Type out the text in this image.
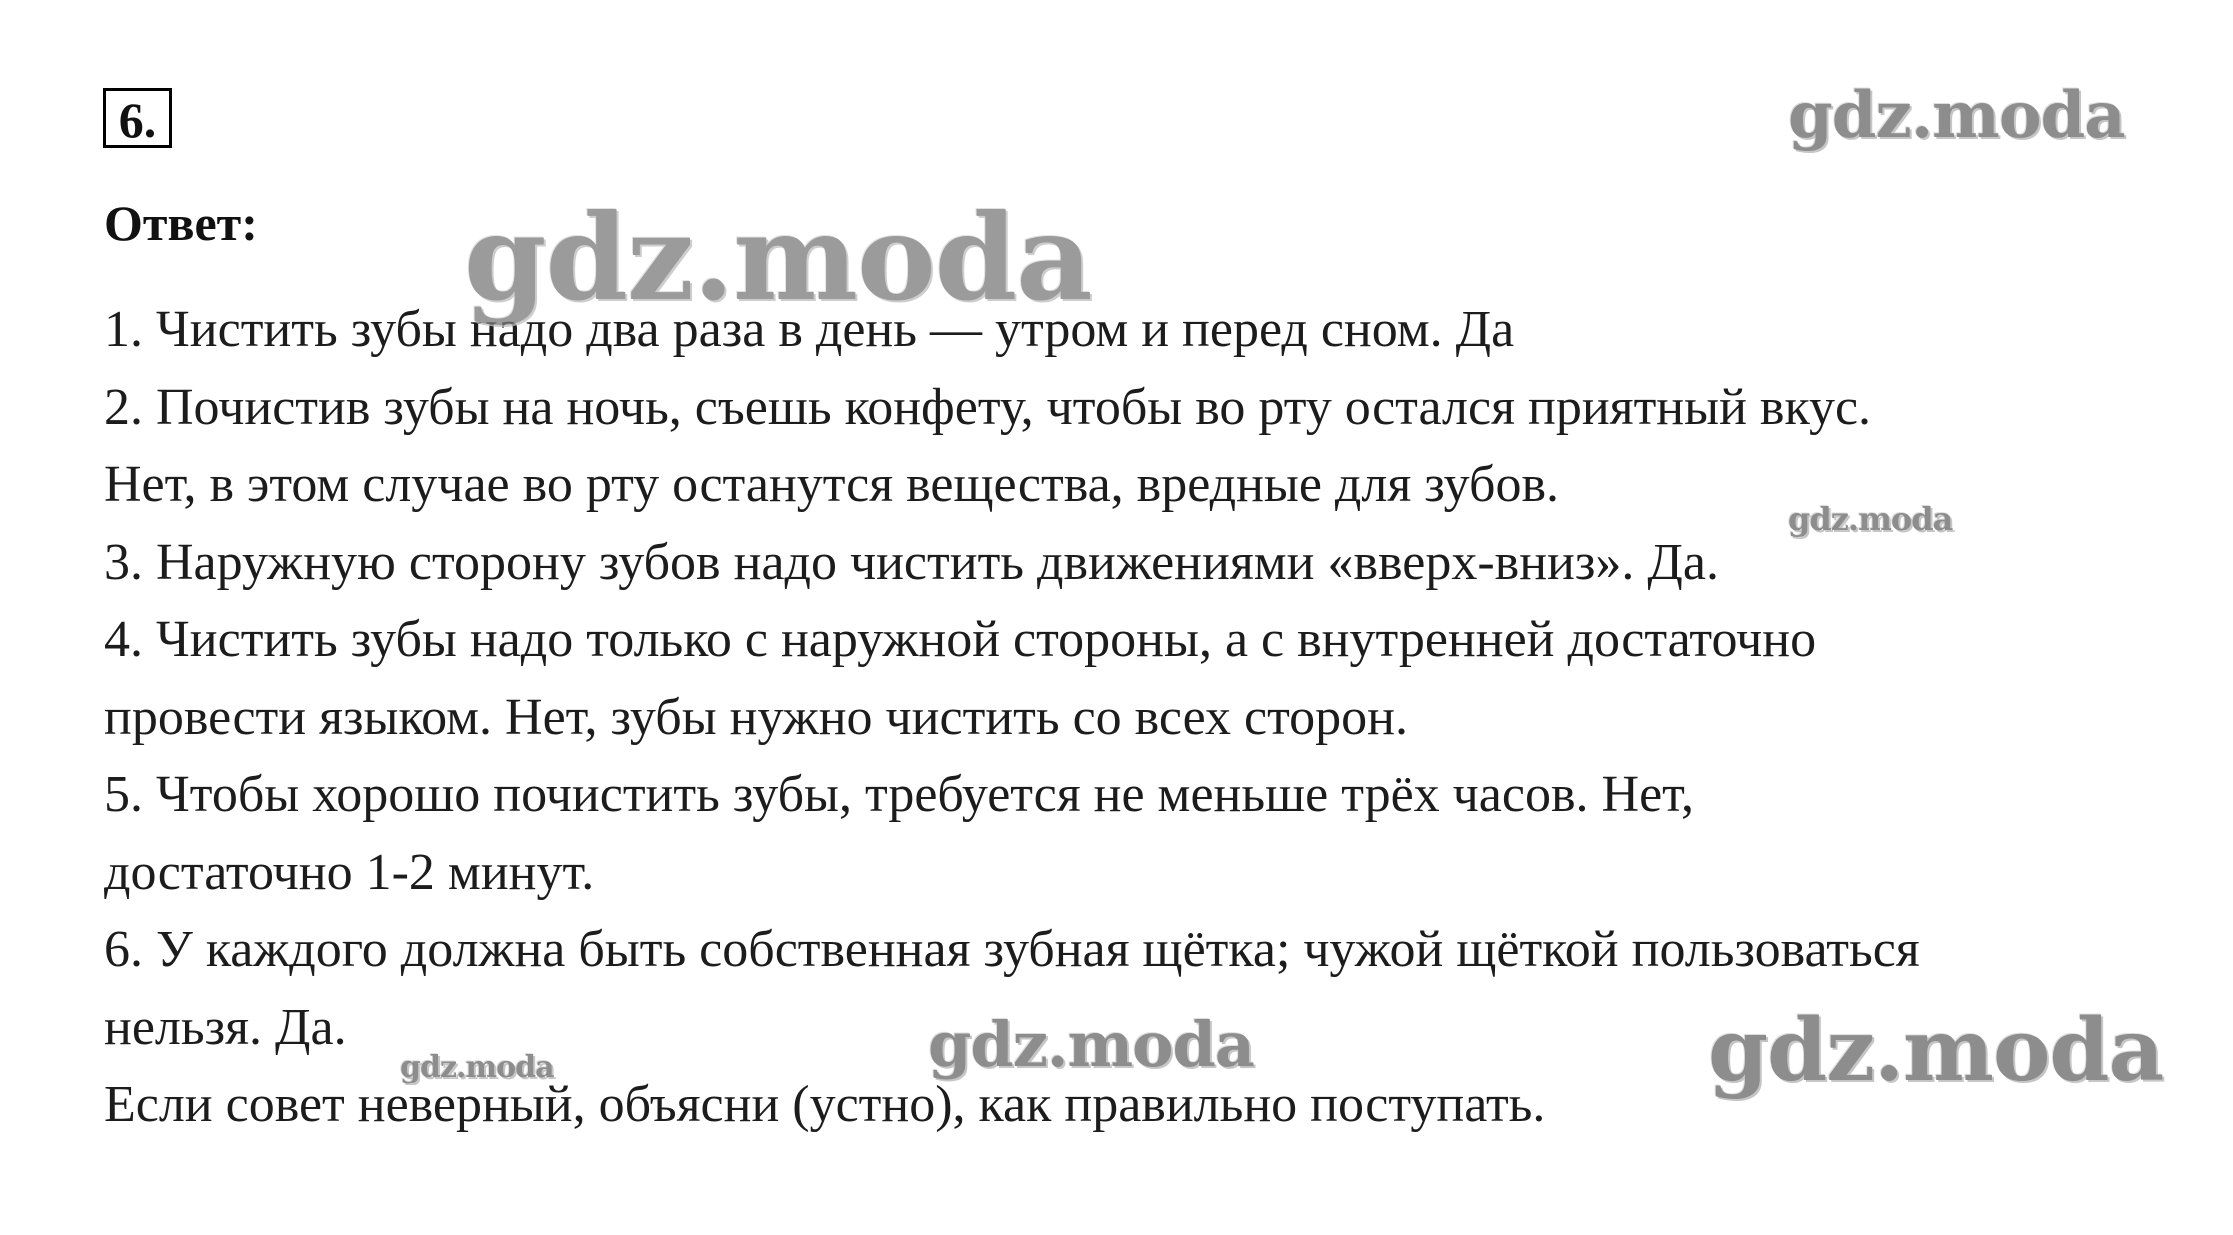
6.
Ответ:
1. Чистить зубы надо два раза в день — утром и перед сном. Да
2. Почистив зубы на ночь, съешь конфету, чтобы во рту остался приятный вкус.
Нет, в этом случае во рту останутся вещества, вредные для зубов.
3. Наружную сторону зубов надо чистить движениями «вверх-вниз». Да.
4. Чистить зубы надо только с наружной стороны, а с внутренней достаточно
провести языком. Нет, зубы нужно чистить со всех сторон.
5. Чтобы хорошо почистить зубы, требуется не меньше трёх часов. Нет,
достаточно 1-2 минут.
6. У каждого должна быть собственная зубная щётка; чужой щёткой пользоваться
нельзя. Да.
Если совет неверный, объясни (устно), как правильно поступать.
gdz.moda
gdz.moda
gdz.moda
gdz.moda	gdz.moda
gdz.moda
